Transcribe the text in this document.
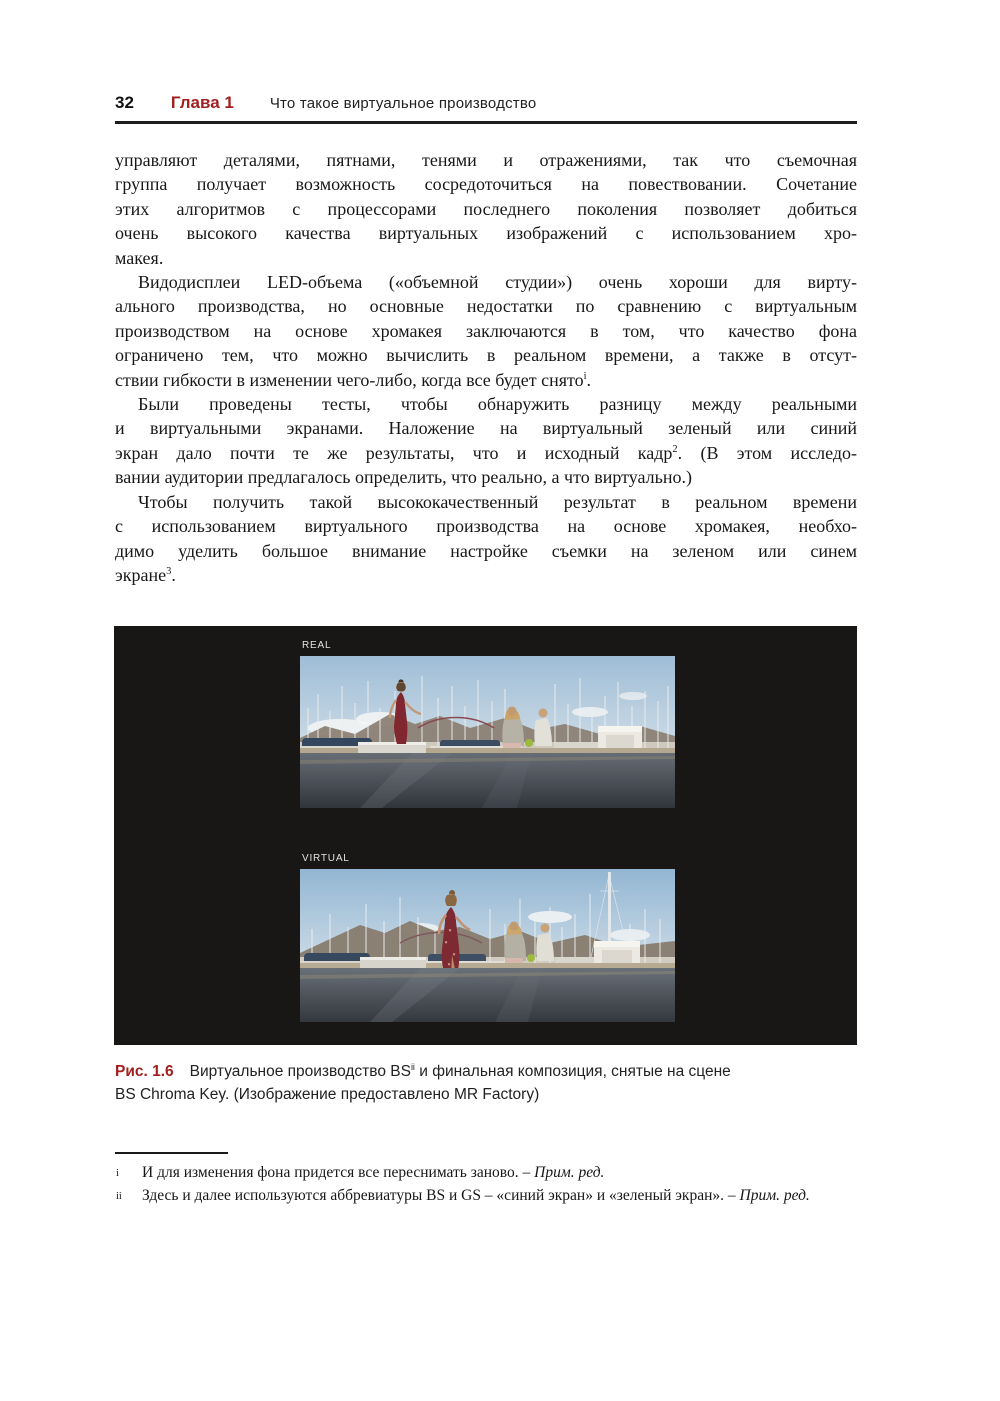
32 Глава 1 Что такое виртуальное производство
управляют деталями, пятнами, тенями и отражениями, так что съемочная
группа получает возможность сосредоточиться на повествовании. Сочетание
этих алгоритмов с процессорами последнего поколения позволяет добиться
очень высокого качества виртуальных изображений с использованием хро-
макея.
Видодисплеи LED-объема («объемной студии») очень хороши для вирту-
ального производства, но основные недостатки по сравнению с виртуальным
производством на основе хромакея заключаются в том, что качество фона
ограничено тем, что можно вычислить в реальном времени, а также в отсут-
ствии гибкости в изменении чего-либо, когда все будет снято$^i$.
Были проведены тесты, чтобы обнаружить разницу между реальными
и виртуальными экранами. Наложение на виртуальный зеленый или синий
экран дало почти те же результаты, что и исходный кадр$^2$. (В этом исследо-
вании аудитории предлагалось определить, что реально, а что виртуально.)
Чтобы получить такой высококачественный результат в реальном времени
с использованием виртуального производства на основе хромакея, необхо-
димо уделить большое внимание настройке съемки на зеленом или синем
экране$^3$.
REAL
VIRTUAL
Рис. 1.6 Виртуальное производство BS$^{ii}$ и финальная композиция, снятые на сцене
BS Chroma Key. (Изображение предоставлено MR Factory)
i	И для изменения фона придется все переснимать заново. – Прим. ред.
ii	Здесь и далее используются аббревиатуры BS и GS – «синий экран» и «зеленый экран». – Прим. ред.
